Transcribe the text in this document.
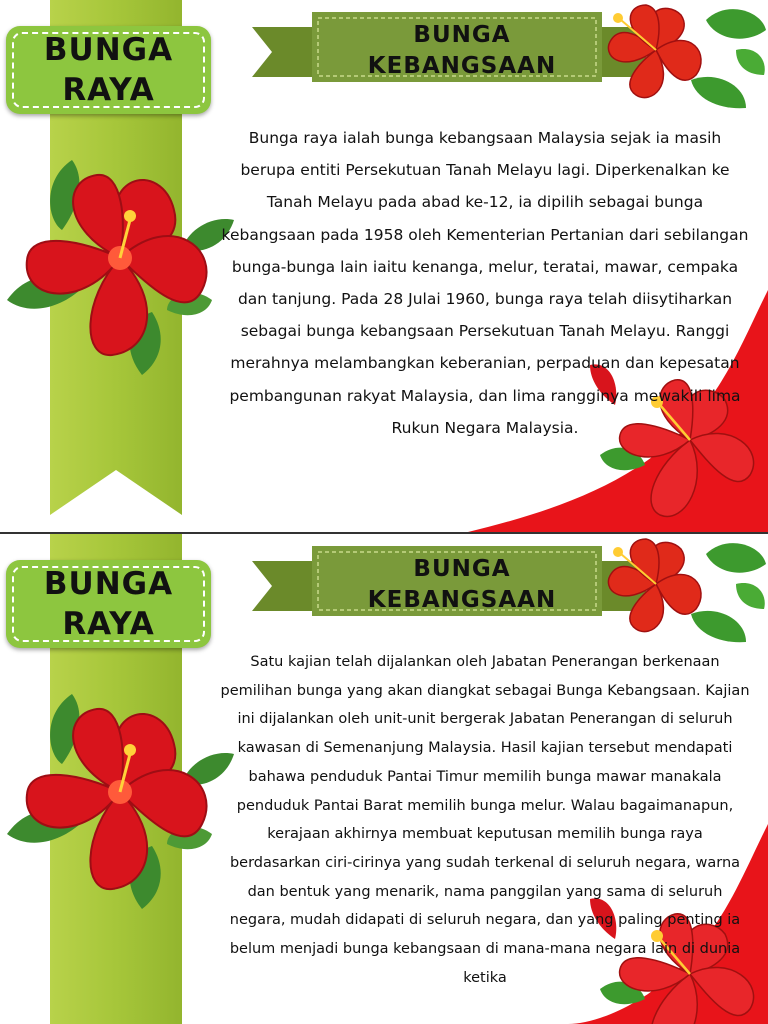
BUNGA
RAYA
BUNGA
KEBANGSAAN
Bunga raya ialah bunga kebangsaan Malaysia sejak ia masih berupa entiti Persekutuan Tanah Melayu lagi. Diperkenalkan ke Tanah Melayu pada abad ke-12, ia dipilih sebagai bunga kebangsaan pada 1958 oleh Kementerian Pertanian dari sebilangan bunga-bunga lain iaitu kenanga, melur, teratai, mawar, cempaka dan tanjung. Pada 28 Julai 1960, bunga raya telah diisytiharkan sebagai bunga kebangsaan Persekutuan Tanah Melayu. Ranggi merahnya melambangkan keberanian, perpaduan dan kepesatan pembangunan rakyat Malaysia, dan lima rangginya mewakili lima Rukun Negara Malaysia.
BUNGA
RAYA
BUNGA
KEBANGSAAN
Satu kajian telah dijalankan oleh Jabatan Penerangan berkenaan pemilihan bunga yang akan diangkat sebagai Bunga Kebangsaan. Kajian ini dijalankan oleh unit-unit bergerak Jabatan Penerangan di seluruh kawasan di Semenanjung Malaysia. Hasil kajian tersebut mendapati bahawa penduduk Pantai Timur memilih bunga mawar manakala penduduk Pantai Barat memilih bunga melur. Walau bagaimanapun, kerajaan akhirnya membuat keputusan memilih bunga raya berdasarkan ciri-cirinya yang sudah terkenal di seluruh negara, warna dan bentuk yang menarik, nama panggilan yang sama di seluruh negara, mudah didapati di seluruh negara, dan yang paling penting ia belum menjadi bunga kebangsaan di mana-mana negara lain di dunia ketika
